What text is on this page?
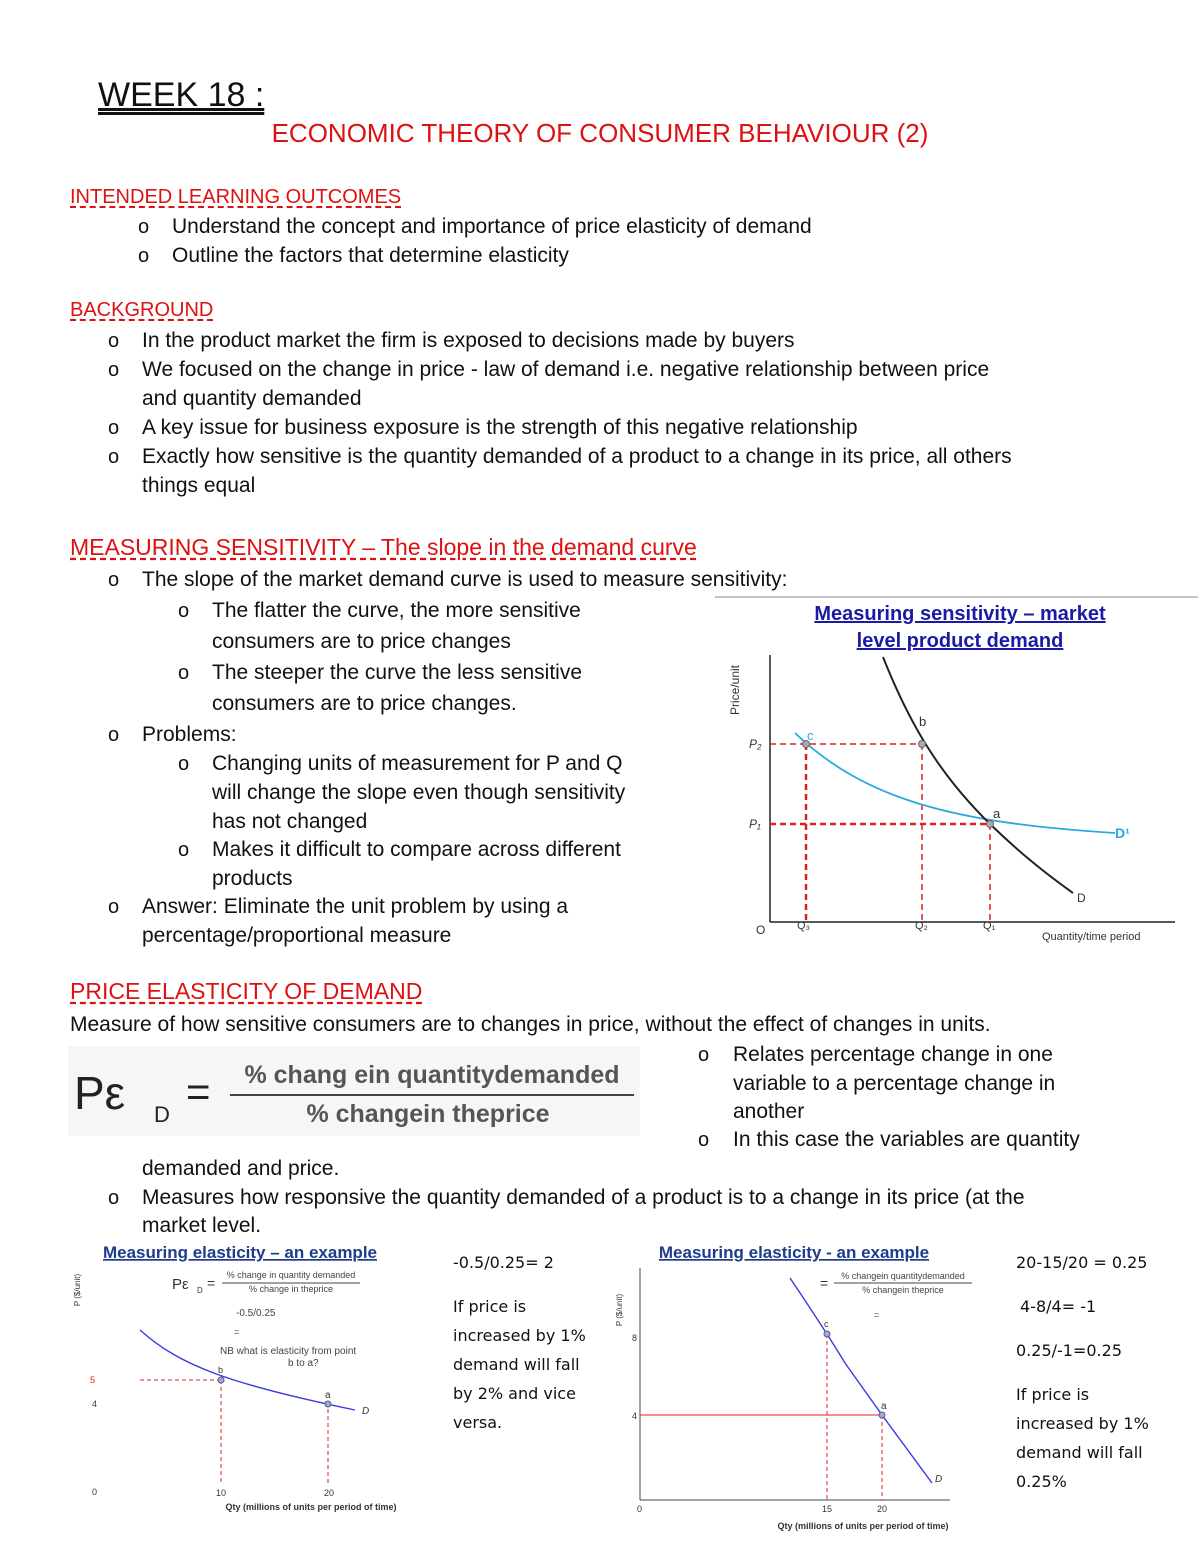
WEEK 18 :
ECONOMIC THEORY OF CONSUMER BEHAVIOUR (2)
INTENDED LEARNING OUTCOMES
o Understand the concept and importance of price elasticity of demand
o Outline the factors that determine elasticity
BACKGROUND
o In the product market the firm is exposed to decisions made by buyers
o We focused on the change in price - law of demand i.e. negative relationship between price
and quantity demanded
o A key issue for business exposure is the strength of this negative relationship
o Exactly how sensitive is the quantity demanded of a product to a change in its price, all others
things equal
MEASURING SENSITIVITY – The slope in the demand curve
o The slope of the market demand curve is used to measure sensitivity:
o The flatter the curve, the more sensitive
consumers are to price changes
o The steeper the curve the less sensitive
consumers are to price changes.
o Problems:
o Changing units of measurement for P and Q
will change the slope even though sensitivity
has not changed
o Makes it difficult to compare across different
products
o Answer: Eliminate the unit problem by using a
percentage/proportional measure
Measuring sensitivity – market
level product demand
Price/unit
c
b
a
D¹
D
P₂
P₁
O	Q₃	Q₂	Q₁
Quantity/time period
PRICE ELASTICITY OF DEMAND
Measure of how sensitive consumers are to changes in price, without the effect of changes in units.
Pε D = % chang ein quantitydemanded
% changein theprice
o Relates percentage change in one
variable to a percentage change in
another
o In this case the variables are quantity
demanded and price.
o Measures how responsive the quantity demanded of a product is to a change in its price (at the
market level.
Measuring elasticity – an example
Pε D = % change in quantity demanded
% change in theprice
-0.5/0.25
=
NB what is elasticity from point
b to a?
P ($/unit)
b
a
D
5
4
0	10	20
Qty (millions of units per period of time)
-0.5/0.25= 2
If price is
increased by 1%
demand will fall
by 2% and vice
versa.
Measuring elasticity - an example
= % changein quantitydemanded
% changein theprice
=
P ($/unit)	c
a
D
8
4
0	15	20
Qty (millions of units per period of time)
20-15/20 = 0.25
4-8/4= -1
0.25/-1=0.25
If price is
increased by 1%
demand will fall
0.25%
